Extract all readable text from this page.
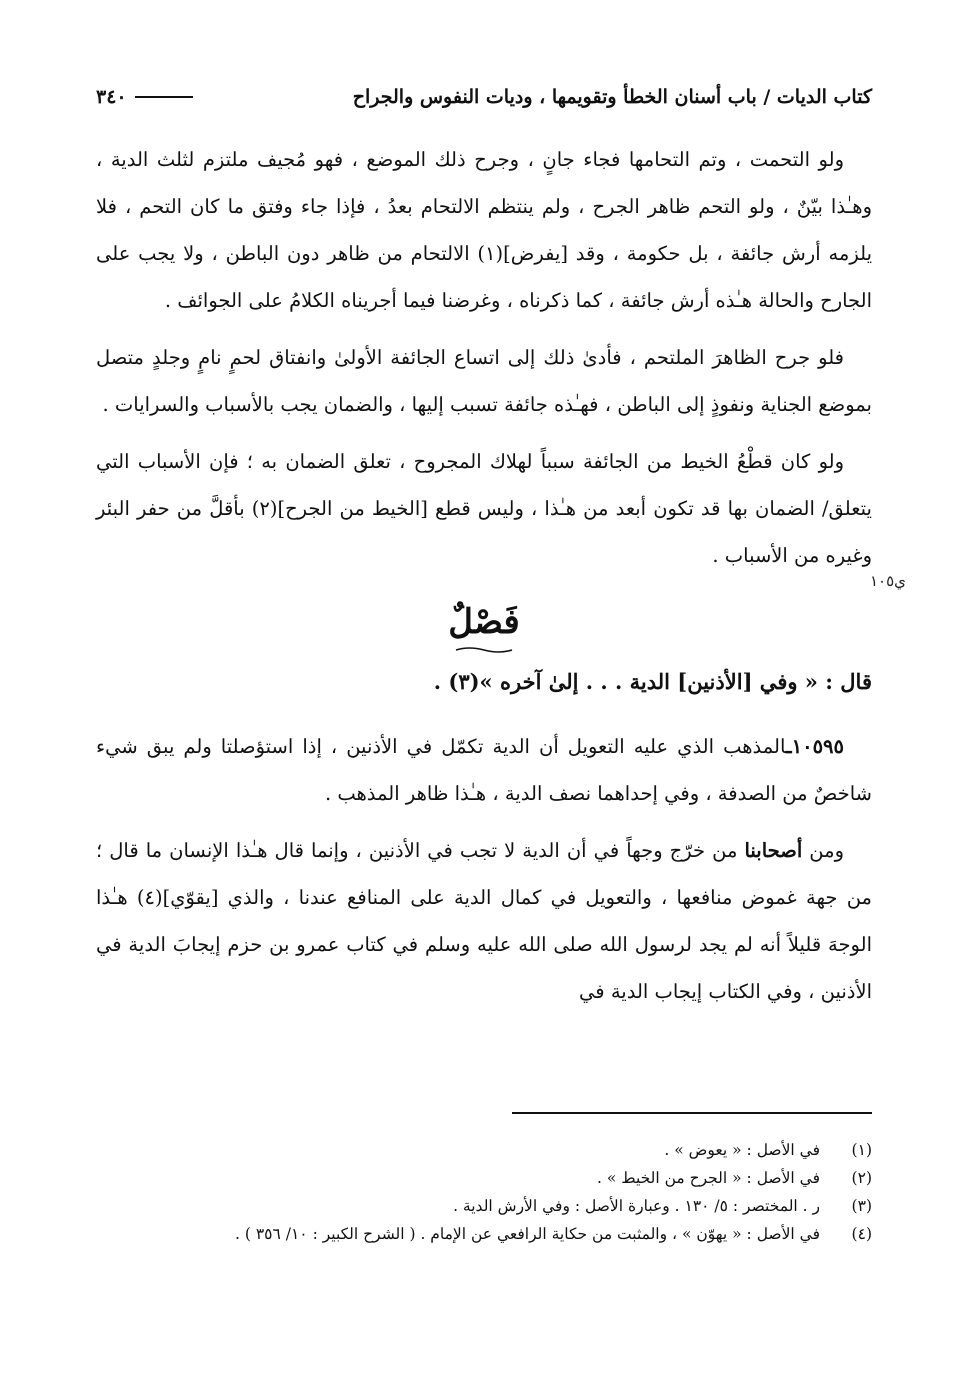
كتاب الديات / باب أسنان الخطأ وتقويمها ، وديات النفوس والجراح
٣٤٠

ولو التحمت ، وتم التحامها فجاء جانٍ ، وجرح ذلك الموضع ، فهو مُجيف ملتزم لثلث الدية ، وهـٰذا بيّنٌ ، ولو التحم ظاهر الجرح ، ولم ينتظم الالتحام بعدُ ، فإذا جاء وفتق ما كان التحم ، فلا يلزمه أرش جائفة ، بل حكومة ، وقد [يفرض](١) الالتحام من ظاهر دون الباطن ، ولا يجب على الجارح والحالة هـٰذه أرش جائفة ، كما ذكرناه ، وغرضنا فيما أجريناه الكلامُ على الجوائف .

فلو جرح الظاهرَ الملتحم ، فأدىٰ ذلك إلى اتساع الجائفة الأولىٰ وانفتاق لحمٍ نامٍ وجلدٍ متصل بموضع الجناية ونفوذٍ إلى الباطن ، فهـٰذه جائفة تسبب إليها ، والضمان يجب بالأسباب والسرايات .

ولو كان قطْعُ الخيط من الجائفة سبباً لهلاك المجروح ، تعلق الضمان به ؛ فإن الأسباب التي يتعلق/ الضمان بها قد تكون أبعد من هـٰذا ، وليس قطع [الخيط من الجرح](٢) بأقلَّ من حفر البئر وغيره من الأسباب .

فَصْلٌ

قال : « وفي [الأذنين] الدية . . . إلىٰ آخره »(٣) .

١٠٥٩٥ـالمذهب الذي عليه التعويل أن الدية تكمّل في الأذنين ، إذا استؤصلتا ولم يبق شيء شاخصٌ من الصدفة ، وفي إحداهما نصف الدية ، هـٰذا ظاهر المذهب .

ومن أصحابنا من خرّج وجهاً في أن الدية لا تجب في الأذنين ، وإنما قال هـٰذا الإنسان ما قال ؛ من جهة غموض منافعها ، والتعويل في كمال الدية على المنافع عندنا ، والذي [يقوّي](٤) هـٰذا الوجهَ قليلاً أنه لم يجد لرسول الله صلى الله عليه وسلم في كتاب عمرو بن حزم إيجابَ الدية في الأذنين ، وفي الكتاب إيجاب الدية في

ي١٠٥
(١)
في الأصل : « يعوض » .
(٢)
في الأصل : « الجرح من الخيط » .
(٣)
ر . المختصر : ٥/ ١٣٠ . وعبارة الأصل : وفي الأرش الدية .
(٤)
في الأصل : « يهوّن » ، والمثبت من حكاية الرافعي عن الإمام . ( الشرح الكبير : ١٠/ ٣٥٦ ) .
